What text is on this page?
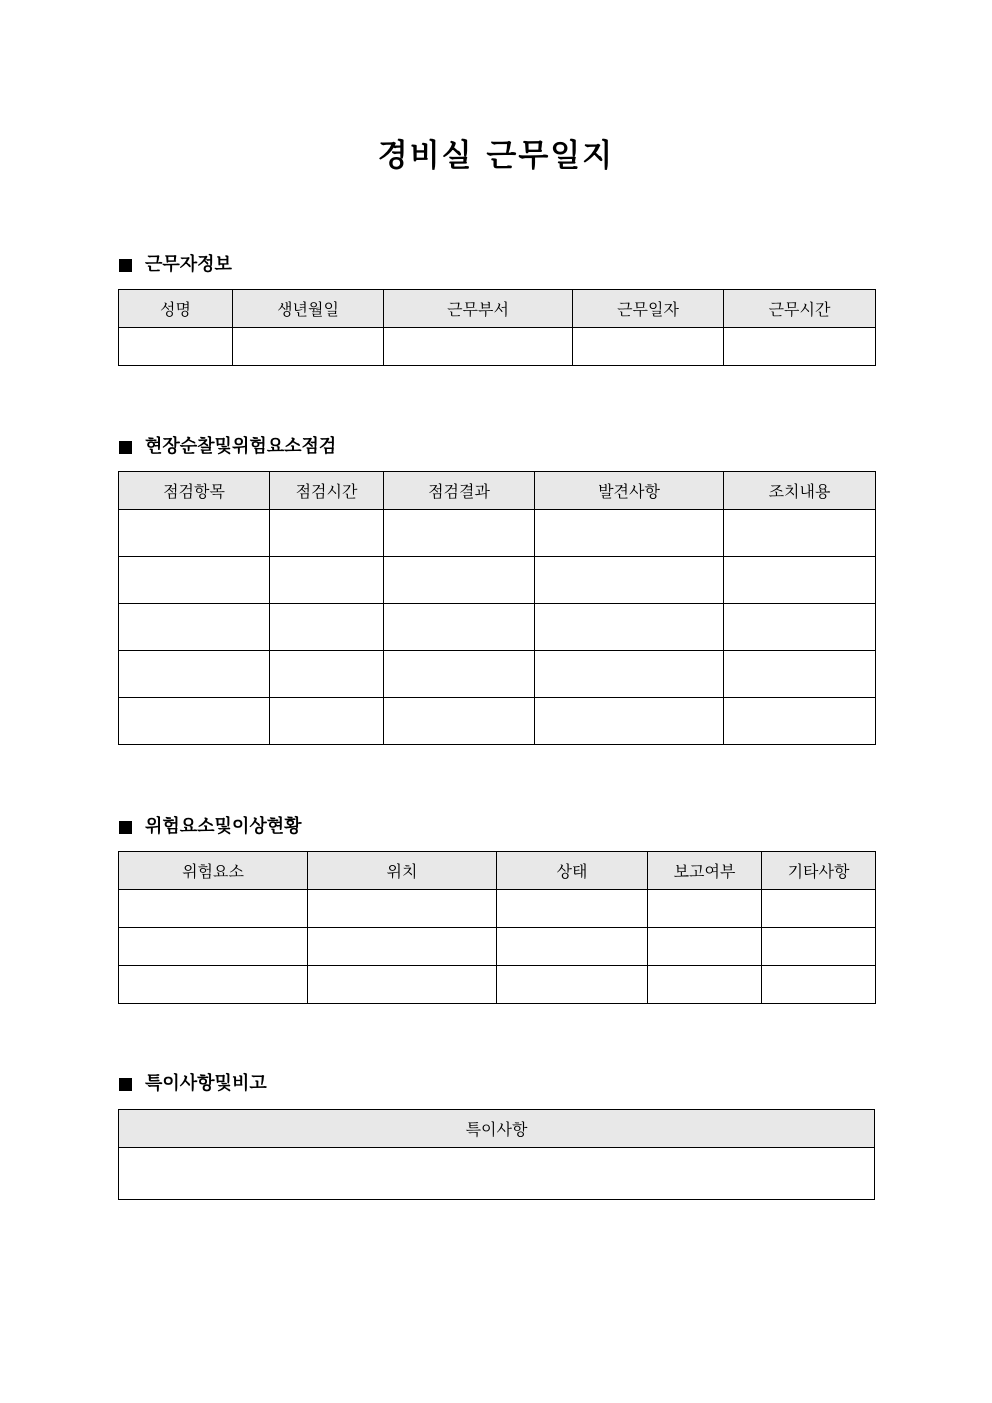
경비실 근무일지
근무자정보
성명	생년월일	근무부서	근무일자	근무시간

현장순찰및위험요소점검
점검항목	점검시간	점검결과	발견사항	조치내용

위험요소및이상현황
위험요소	위치	상태	보고여부	기타사항

특이사항및비고
특이사항
